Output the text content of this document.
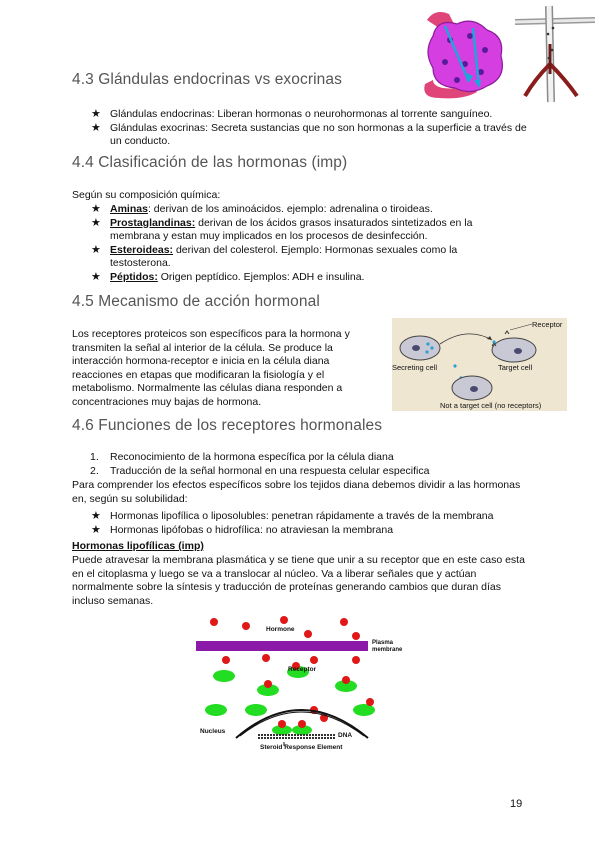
4.3 Glándulas endocrinas vs exocrinas
★ Glándulas endocrinas: Liberan hormonas o neurohormonas al torrente sanguíneo.
★ Glándulas exocrinas: Secreta sustancias que no son hormonas a la superficie a través de un conducto.
4.4 Clasificación de las hormonas (imp)
Según su composición química:
★ Aminas: derivan de los aminoácidos. ejemplo: adrenalina o tiroideas.
★ Prostaglandinas: derivan de los ácidos grasos insaturados sintetizados en la membrana y estan muy implicados en los procesos de desinfección.
★ Esteroideas: derivan del colesterol. Ejemplo: Hormonas sexuales como la testosterona.
★ Péptidos: Origen peptídico. Ejemplos: ADH e insulina.
4.5 Mecanismo de acción hormonal
Los receptores proteicos son específicos para la hormona y transmiten la señal al interior de la célula. Se produce la interacción hormona-receptor e inicia en la célula diana reacciones en etapas que modificaran la fisiología y el metabolismo. Normalmente las células diana responden a concentraciones muy bajas de hormona.
Receptor
Secreting cell	Target cell
Not a target cell (no receptors)
4.6 Funciones de los receptores hormonales
1. Reconocimiento de la hormona específica por la célula diana
2. Traducción de la señal hormonal en una respuesta celular especifica
Para comprender los efectos específicos sobre los tejidos diana debemos dividir a las hormonas en, según su solubilidad:
★ Hormonas lipofílica o liposolubles: penetran rápidamente a través de la membrana
★ Hormonas lipófobas o hidrofílica: no atraviesan la membrana
Hormonas lipofílicas (imp)
Puede atravesar la membrana plasmática y se tiene que unir a su receptor que en este caso esta en el citoplasma y luego se va a translocar al núcleo. Va a liberar señales que y actúan normalmente sobre la síntesis y traducción de proteínas generando cambios que duran días incluso semanas.
Hormone
Plasma
membrane
Receptor
Nucleus
DNA
Steroid Response Element
19
